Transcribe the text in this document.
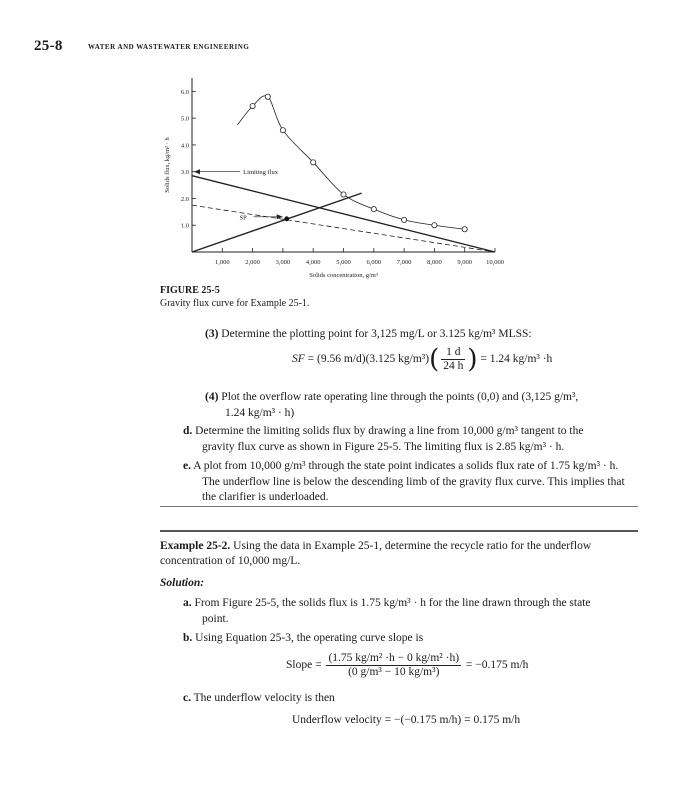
25-8	WATER AND WASTEWATER ENGINEERING
1,000 2,000 3,000 4,000 5,000 6,000 7,000 8,000 9,000 10,000
1.0
2.0
3.0
4.0
5.0
6.0
Solids concentration, g/m³
Solids flux, kg/m² · h	Limiting flux
SP
FIGURE 25-5
Gravity flux curve for Example 25-1.
(3) Determine the plotting point for 3,125 mg/L or 3.125 kg/m³ MLSS:
SF = (9.56 m/d)(3.125 $kg/m^3)( \frac{1 d}{24 h}$ ) = 1.24 kg/m³ ·h
(4) Plot the overflow rate operating line through the points (0,0) and (3,125 g/m³,
1.24 kg/m³ · h)
d. Determine the limiting solids flux by drawing a line from 10,000 g/m³ tangent to the
gravity flux curve as shown in Figure 25-5. The limiting flux is 2.85 kg/m³ · h.
e. A plot from 10,000 g/m³ through the state point indicates a solids flux rate of 1.75 kg/m³ · h.
The underflow line is below the descending limb of the gravity flux curve. This implies that
the clarifier is underloaded.
Example 25-2. Using the data in Example 25-1, determine the recycle ratio for the underflow
concentration of 10,000 mg/L.
Solution:
a. From Figure 25-5, the solids flux is 1.75 kg/m³ · h for the line drawn through the state
point.
b. Using Equation 25-3, the operating curve slope is
Slope = $\frac{\text{(1.75 kg/m² ·h − 0 kg/m² ·h)}}{\text{(0 g/m³ − 10 kg/m³)}} = -0.175$ m/h
c. The underflow velocity is then
Underflow velocity = −(−0.175 m/h) = 0.175 m/h
